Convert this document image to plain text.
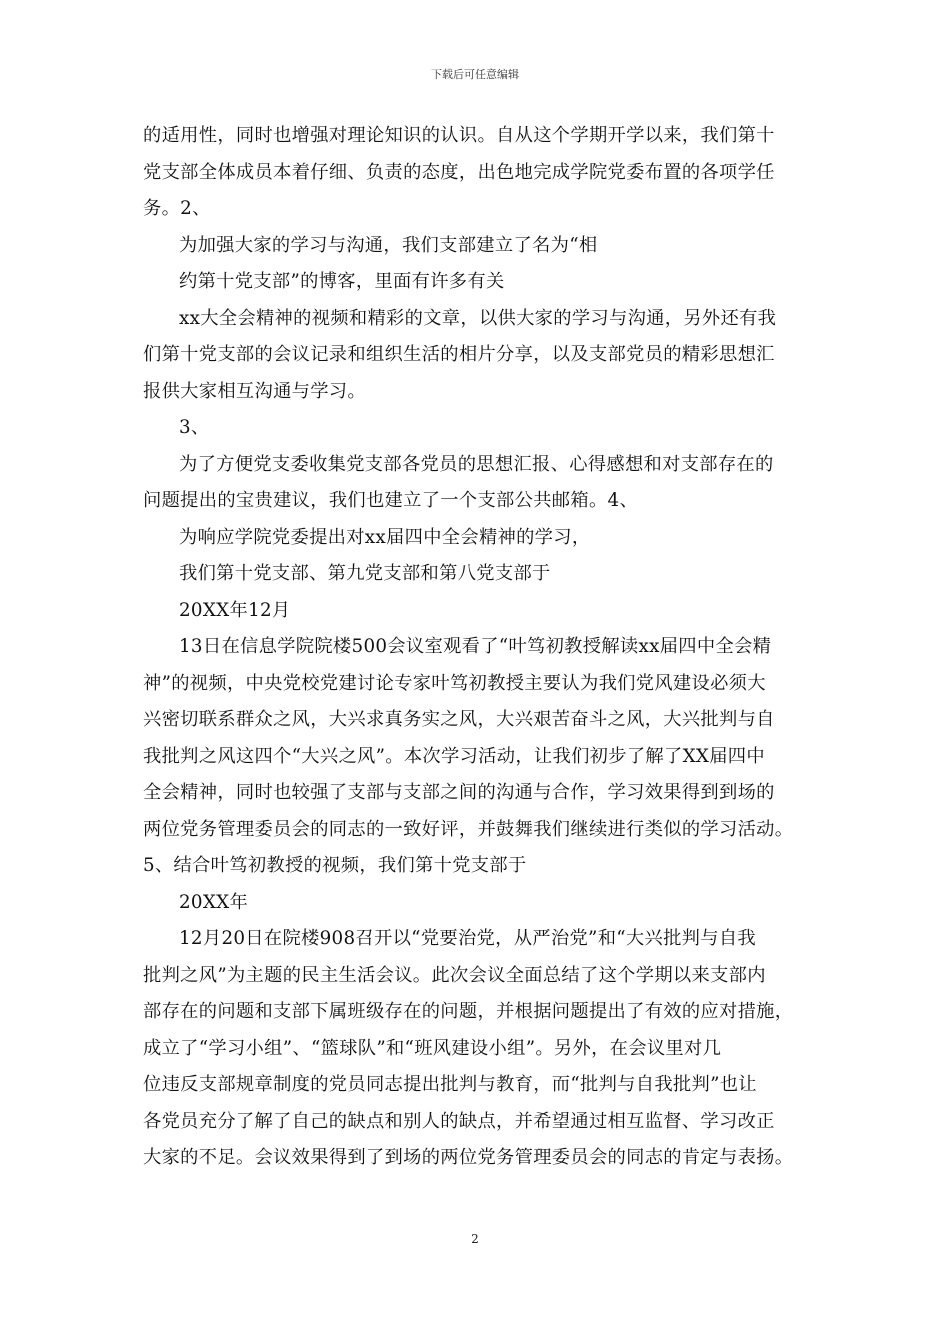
下载后可任意编辑
的适用性，同时也增强对理论知识的认识。自从这个学期开学以来，我们第十
党支部全体成员本着仔细、负责的态度，出色地完成学院党委布置的各项学任
务。2、
为加强大家的学习与沟通，我们支部建立了名为“相
约第十党支部”的博客，里面有许多有关
xx大全会精神的视频和精彩的文章，以供大家的学习与沟通，另外还有我
们第十党支部的会议记录和组织生活的相片分享，以及支部党员的精彩思想汇
报供大家相互沟通与学习。
3、
为了方便党支委收集党支部各党员的思想汇报、心得感想和对支部存在的
问题提出的宝贵建议，我们也建立了一个支部公共邮箱。4、
为响应学院党委提出对xx届四中全会精神的学习，
我们第十党支部、第九党支部和第八党支部于
20XX年12月
13日在信息学院院楼500会议室观看了“叶笃初教授解读xx届四中全会精
神”的视频，中央党校党建讨论专家叶笃初教授主要认为我们党风建设必须大
兴密切联系群众之风，大兴求真务实之风，大兴艰苦奋斗之风，大兴批判与自
我批判之风这四个“大兴之风”。本次学习活动，让我们初步了解了XX届四中
全会精神，同时也较强了支部与支部之间的沟通与合作，学习效果得到到场的
两位党务管理委员会的同志的一致好评，并鼓舞我们继续进行类似的学习活动。
5、结合叶笃初教授的视频，我们第十党支部于
20XX年
12月20日在院楼908召开以“党要治党，从严治党”和“大兴批判与自我
批判之风”为主题的民主生活会议。此次会议全面总结了这个学期以来支部内
部存在的问题和支部下属班级存在的问题，并根据问题提出了有效的应对措施，
成立了“学习小组”、“篮球队”和“班风建设小组”。另外，在会议里对几
位违反支部规章制度的党员同志提出批判与教育，而“批判与自我批判”也让
各党员充分了解了自己的缺点和别人的缺点，并希望通过相互监督、学习改正
大家的不足。会议效果得到了到场的两位党务管理委员会的同志的肯定与表扬。
2
